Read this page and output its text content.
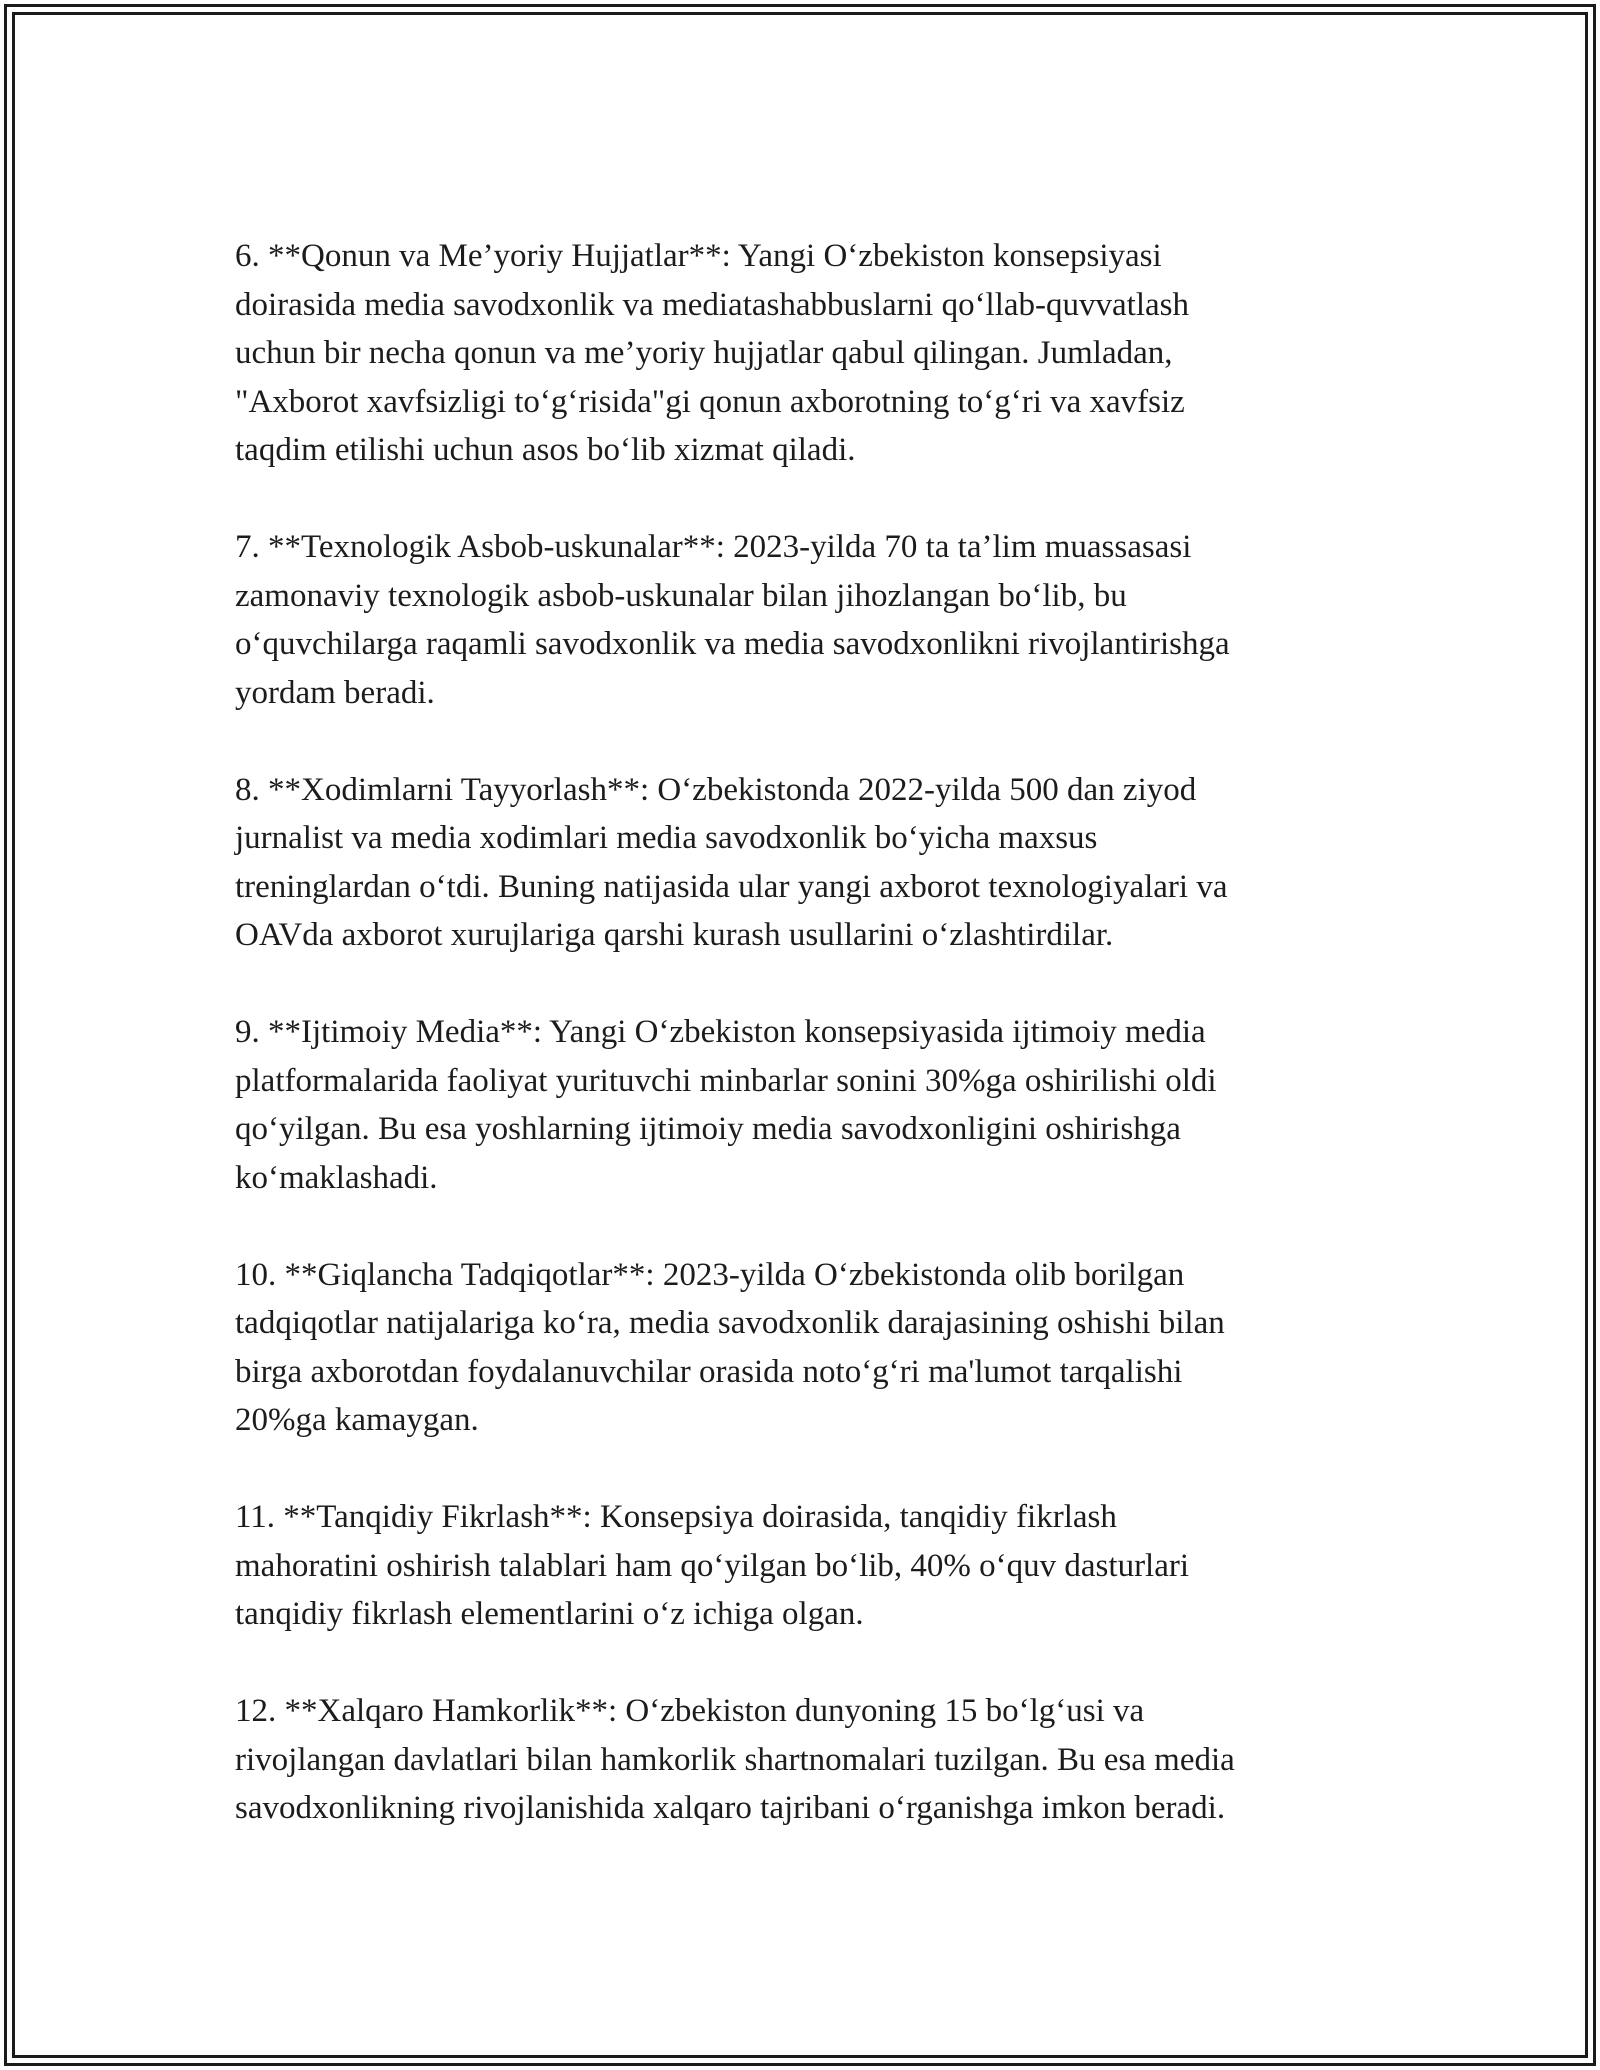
6. **Qonun va Me’yoriy Hujjatlar**: Yangi O‘zbekiston konsepsiyasi
doirasida media savodxonlik va mediatashabbuslarni qo‘llab-quvvatlash
uchun bir necha qonun va me’yoriy hujjatlar qabul qilingan. Jumladan,
"Axborot xavfsizligi to‘g‘risida"gi qonun axborotning to‘g‘ri va xavfsiz
taqdim etilishi uchun asos bo‘lib xizmat qiladi.

7. **Texnologik Asbob-uskunalar**: 2023-yilda 70 ta ta’lim muassasasi
zamonaviy texnologik asbob-uskunalar bilan jihozlangan bo‘lib, bu
o‘quvchilarga raqamli savodxonlik va media savodxonlikni rivojlantirishga
yordam beradi.

8. **Xodimlarni Tayyorlash**: O‘zbekistonda 2022-yilda 500 dan ziyod
jurnalist va media xodimlari media savodxonlik bo‘yicha maxsus
treninglardan o‘tdi. Buning natijasida ular yangi axborot texnologiyalari va
OAVda axborot xurujlariga qarshi kurash usullarini o‘zlashtirdilar.

9. **Ijtimoiy Media**: Yangi O‘zbekiston konsepsiyasida ijtimoiy media
platformalarida faoliyat yurituvchi minbarlar sonini 30%ga oshirilishi oldi
qo‘yilgan. Bu esa yoshlarning ijtimoiy media savodxonligini oshirishga
ko‘maklashadi.

10. **Giqlancha Tadqiqotlar**: 2023-yilda O‘zbekistonda olib borilgan
tadqiqotlar natijalariga ko‘ra, media savodxonlik darajasining oshishi bilan
birga axborotdan foydalanuvchilar orasida noto‘g‘ri ma'lumot tarqalishi
20%ga kamaygan.

11. **Tanqidiy Fikrlash**: Konsepsiya doirasida, tanqidiy fikrlash
mahoratini oshirish talablari ham qo‘yilgan bo‘lib, 40% o‘quv dasturlari
tanqidiy fikrlash elementlarini o‘z ichiga olgan.

12. **Xalqaro Hamkorlik**: O‘zbekiston dunyoning 15 bo‘lg‘usi va
rivojlangan davlatlari bilan hamkorlik shartnomalari tuzilgan. Bu esa media
savodxonlikning rivojlanishida xalqaro tajribani o‘rganishga imkon beradi.
